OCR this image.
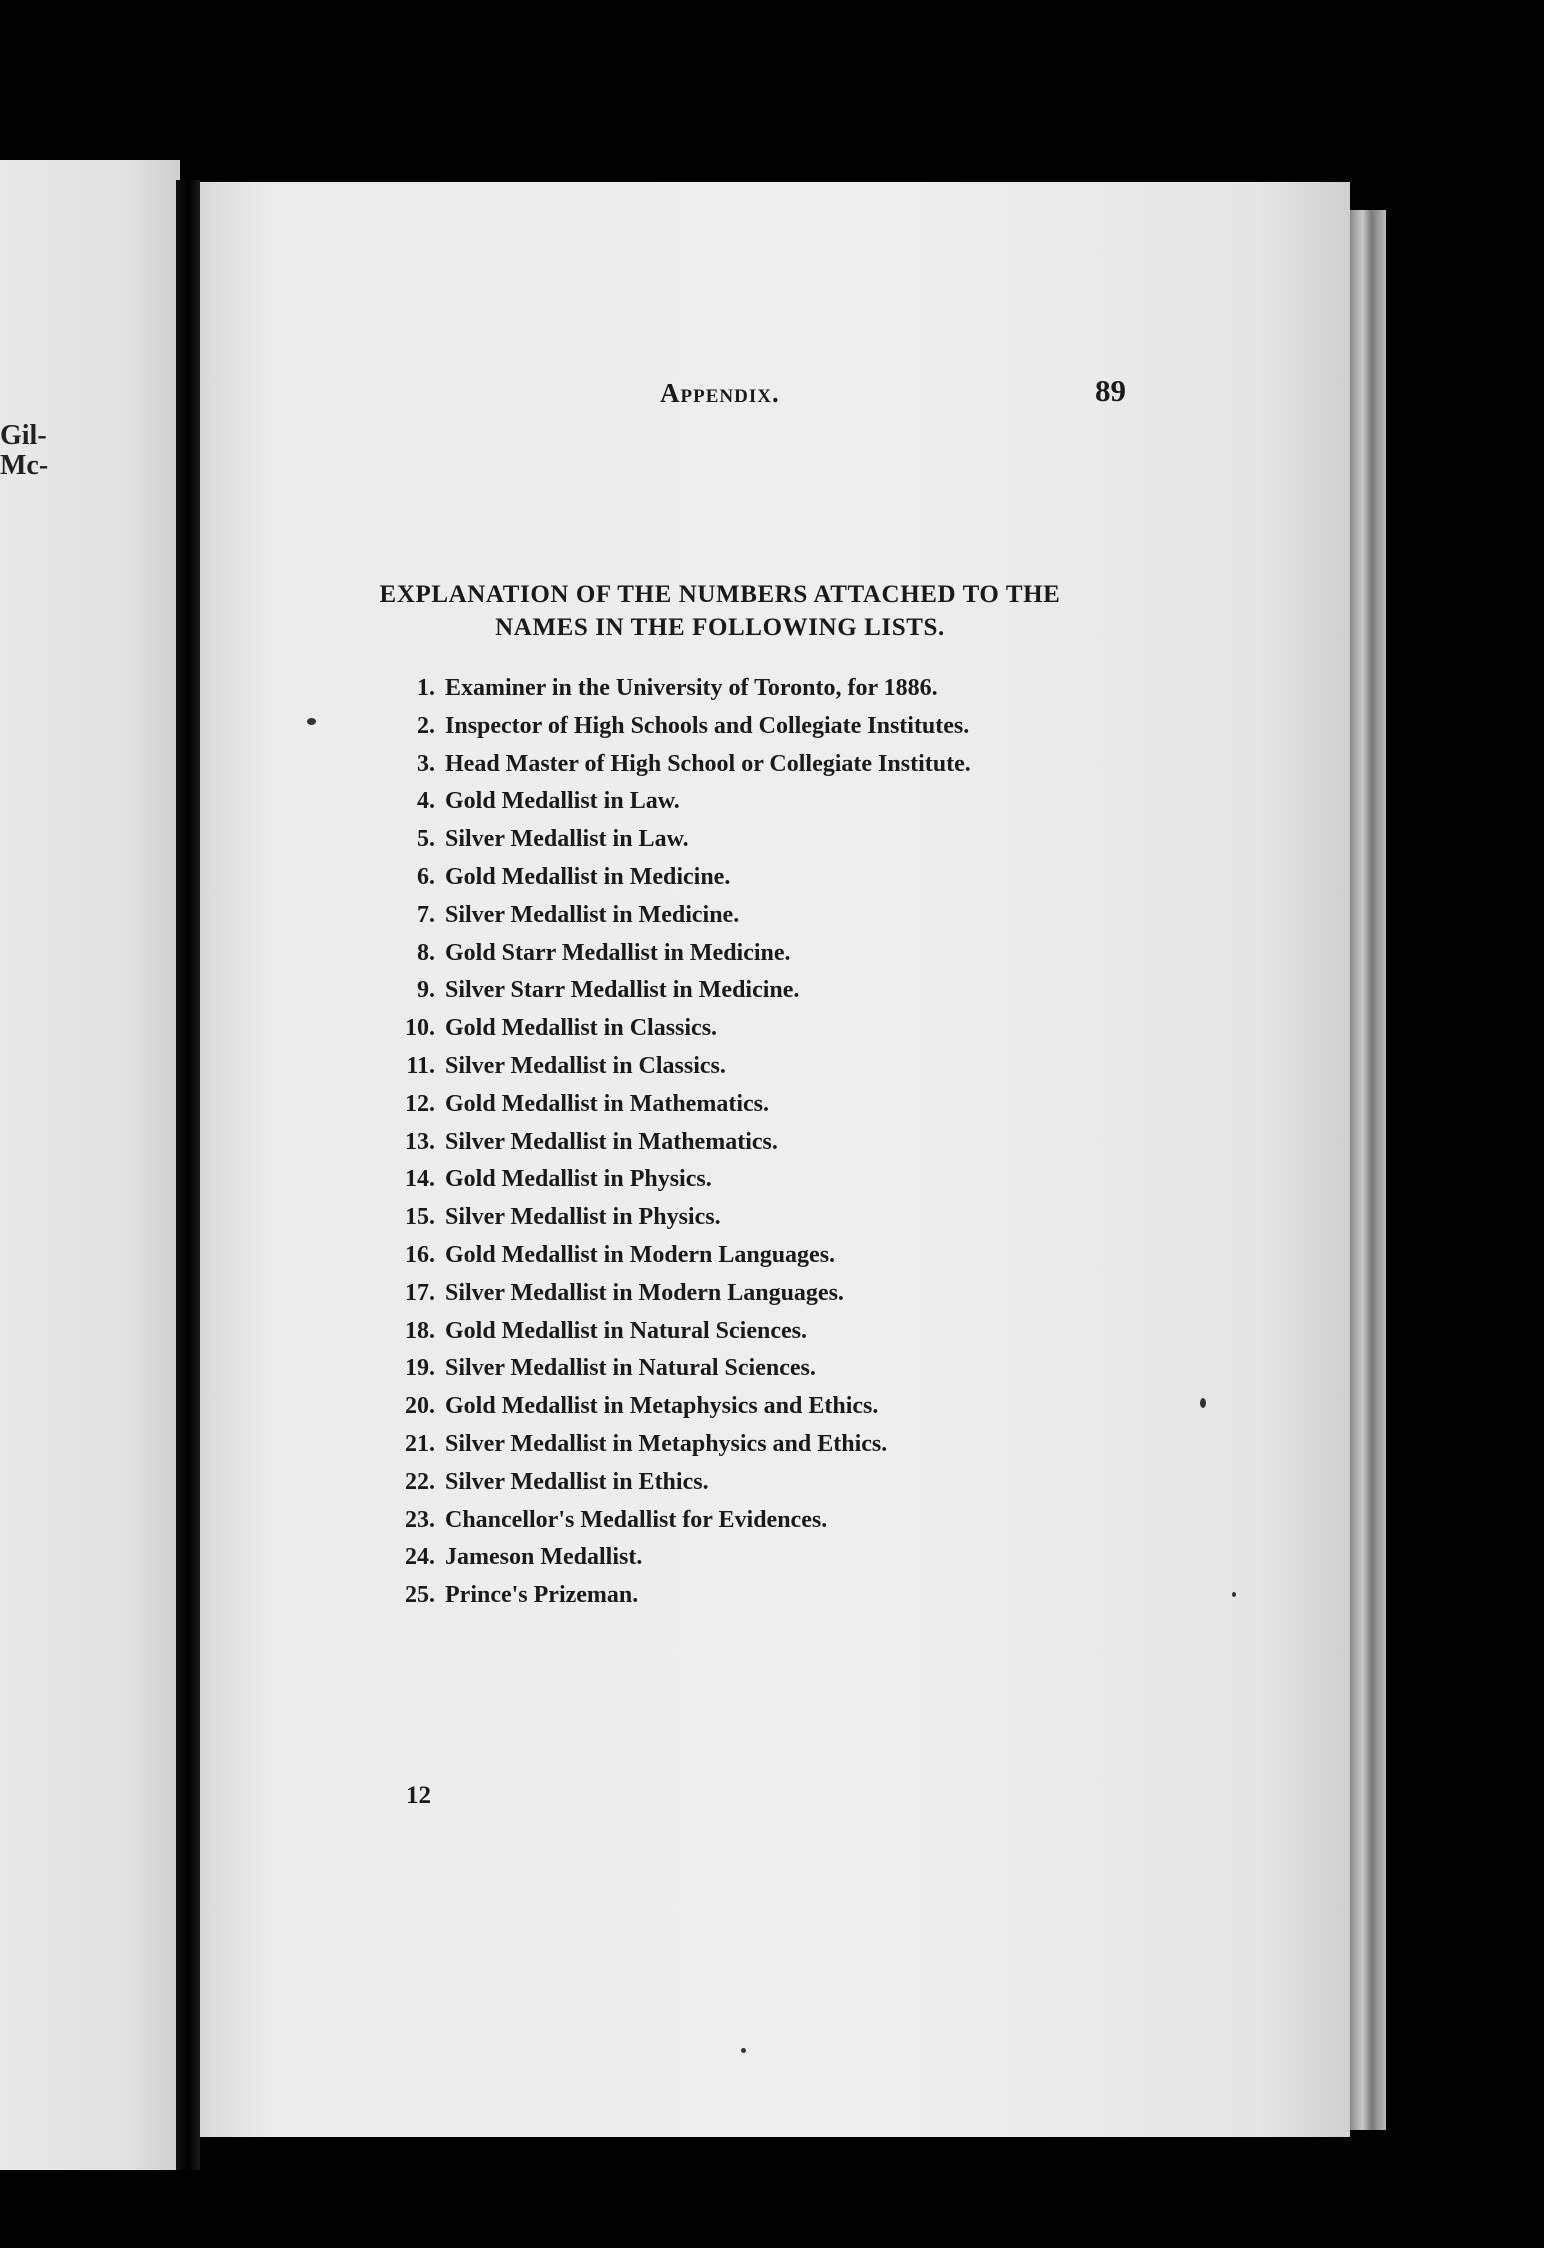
Gil-
Mc-
Appendix.	89
EXPLANATION OF THE NUMBERS ATTACHED TO THE
NAMES IN THE FOLLOWING LISTS.
1. Examiner in the University of Toronto, for 1886.
2. Inspector of High Schools and Collegiate Institutes.
3. Head Master of High School or Collegiate Institute.
4. Gold Medallist in Law.
5. Silver Medallist in Law.
6. Gold Medallist in Medicine.
7. Silver Medallist in Medicine.
8. Gold Starr Medallist in Medicine.
9. Silver Starr Medallist in Medicine.
10. Gold Medallist in Classics.
11. Silver Medallist in Classics.
12. Gold Medallist in Mathematics.
13. Silver Medallist in Mathematics.
14. Gold Medallist in Physics.
15. Silver Medallist in Physics.
16. Gold Medallist in Modern Languages.
17. Silver Medallist in Modern Languages.
18. Gold Medallist in Natural Sciences.
19. Silver Medallist in Natural Sciences.
20. Gold Medallist in Metaphysics and Ethics.
21. Silver Medallist in Metaphysics and Ethics.
22. Silver Medallist in Ethics.
23. Chancellor's Medallist for Evidences.
24. Jameson Medallist.
25. Prince's Prizeman.
12
